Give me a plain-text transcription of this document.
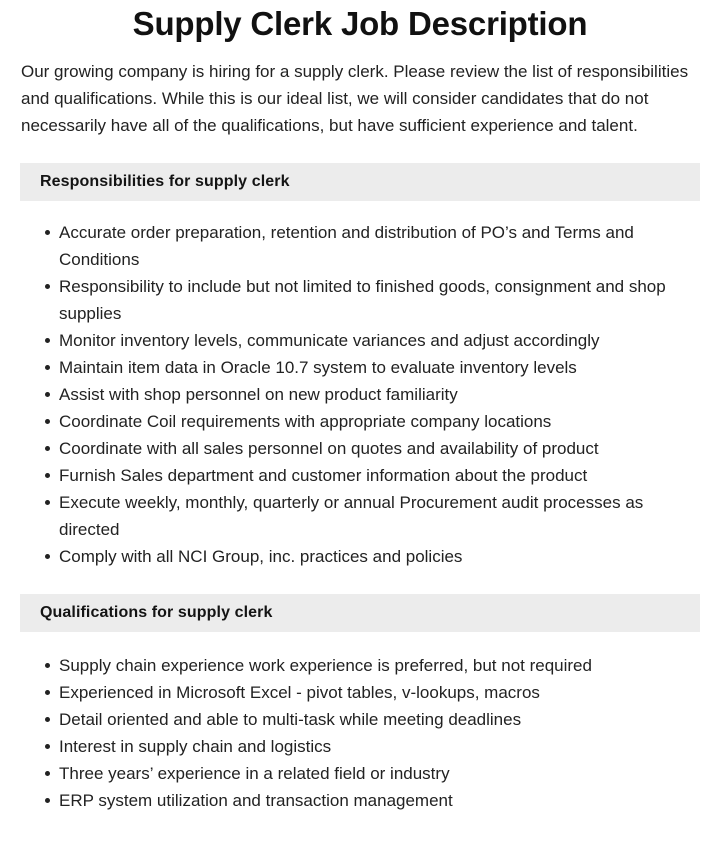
Supply Clerk Job Description

Our growing company is hiring for a supply clerk. Please review the list of responsibilities and qualifications. While this is our ideal list, we will consider candidates that do not necessarily have all of the qualifications, but have sufficient experience and talent.

Responsibilities for supply clerk
Accurate order preparation, retention and distribution of PO’s and Terms and Conditions
Responsibility to include but not limited to finished goods, consignment and shop supplies
Monitor inventory levels, communicate variances and adjust accordingly
Maintain item data in Oracle 10.7 system to evaluate inventory levels
Assist with shop personnel on new product familiarity
Coordinate Coil requirements with appropriate company locations
Coordinate with all sales personnel on quotes and availability of product
Furnish Sales department and customer information about the product
Execute weekly, monthly, quarterly or annual Procurement audit processes as directed
Comply with all NCI Group, inc. practices and policies
Qualifications for supply clerk
Supply chain experience work experience is preferred, but not required
Experienced in Microsoft Excel - pivot tables, v-lookups, macros
Detail oriented and able to multi-task while meeting deadlines
Interest in supply chain and logistics
Three years’ experience in a related field or industry
ERP system utilization and transaction management
